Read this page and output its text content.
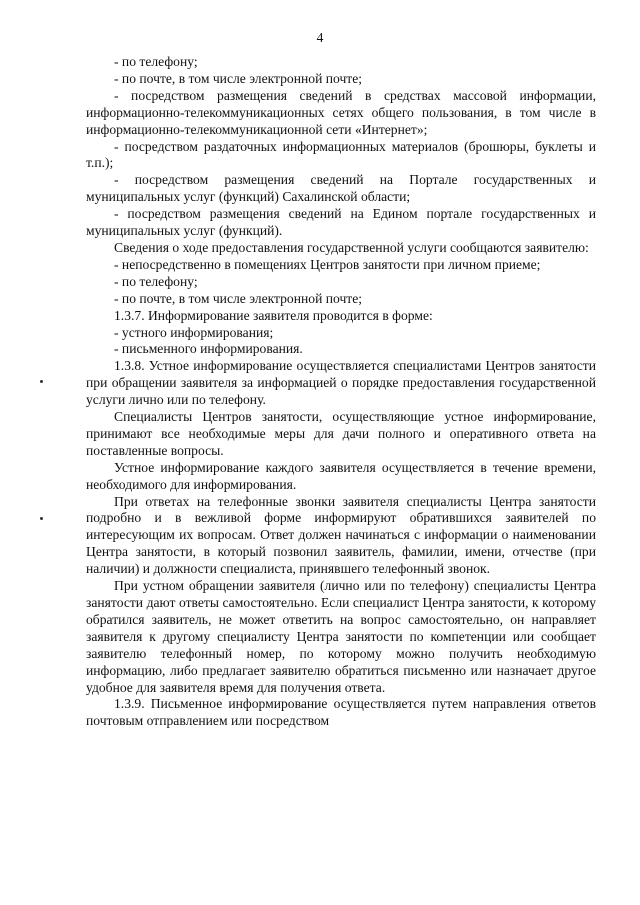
4

- по телефону;

- по почте, в том числе электронной почте;

- посредством размещения сведений в средствах массовой информации, информационно-телекоммуникационных сетях общего пользования, в том числе в информационно-телекоммуникационной сети «Интернет»;

- посредством раздаточных информационных материалов (брошюры, буклеты и т.п.);

- посредством размещения сведений на Портале государственных и муниципальных услуг (функций) Сахалинской области;

- посредством размещения сведений на Едином портале государственных и муниципальных услуг (функций).

Сведения о ходе предоставления государственной услуги сообщаются заявителю:

- непосредственно в помещениях Центров занятости при личном приеме;

- по телефону;

- по почте, в том числе электронной почте;

1.3.7. Информирование заявителя проводится в форме:

- устного информирования;

- письменного информирования.

1.3.8. Устное информирование осуществляется специалистами Центров занятости при обращении заявителя за информацией о порядке предоставления государственной услуги лично или по телефону.

Специалисты Центров занятости, осуществляющие устное информирование, принимают все необходимые меры для дачи полного и оперативного ответа на поставленные вопросы.

Устное информирование каждого заявителя осуществляется в течение времени, необходимого для информирования.

При ответах на телефонные звонки заявителя специалисты Центра занятости подробно и в вежливой форме информируют обратившихся заявителей по интересующим их вопросам. Ответ должен начинаться с информации о наименовании Центра занятости, в который позвонил заявитель, фамилии, имени, отчестве (при наличии) и должности специалиста, принявшего телефонный звонок.

При устном обращении заявителя (лично или по телефону) специалисты Центра занятости дают ответы самостоятельно. Если специалист Центра занятости, к которому обратился заявитель, не может ответить на вопрос самостоятельно, он направляет заявителя к другому специалисту Центра занятости по компетенции или сообщает заявителю телефонный номер, по которому можно получить необходимую информацию, либо предлагает заявителю обратиться письменно или назначает другое удобное для заявителя время для получения ответа.

1.3.9. Письменное информирование осуществляется путем направления ответов почтовым отправлением или посредством
